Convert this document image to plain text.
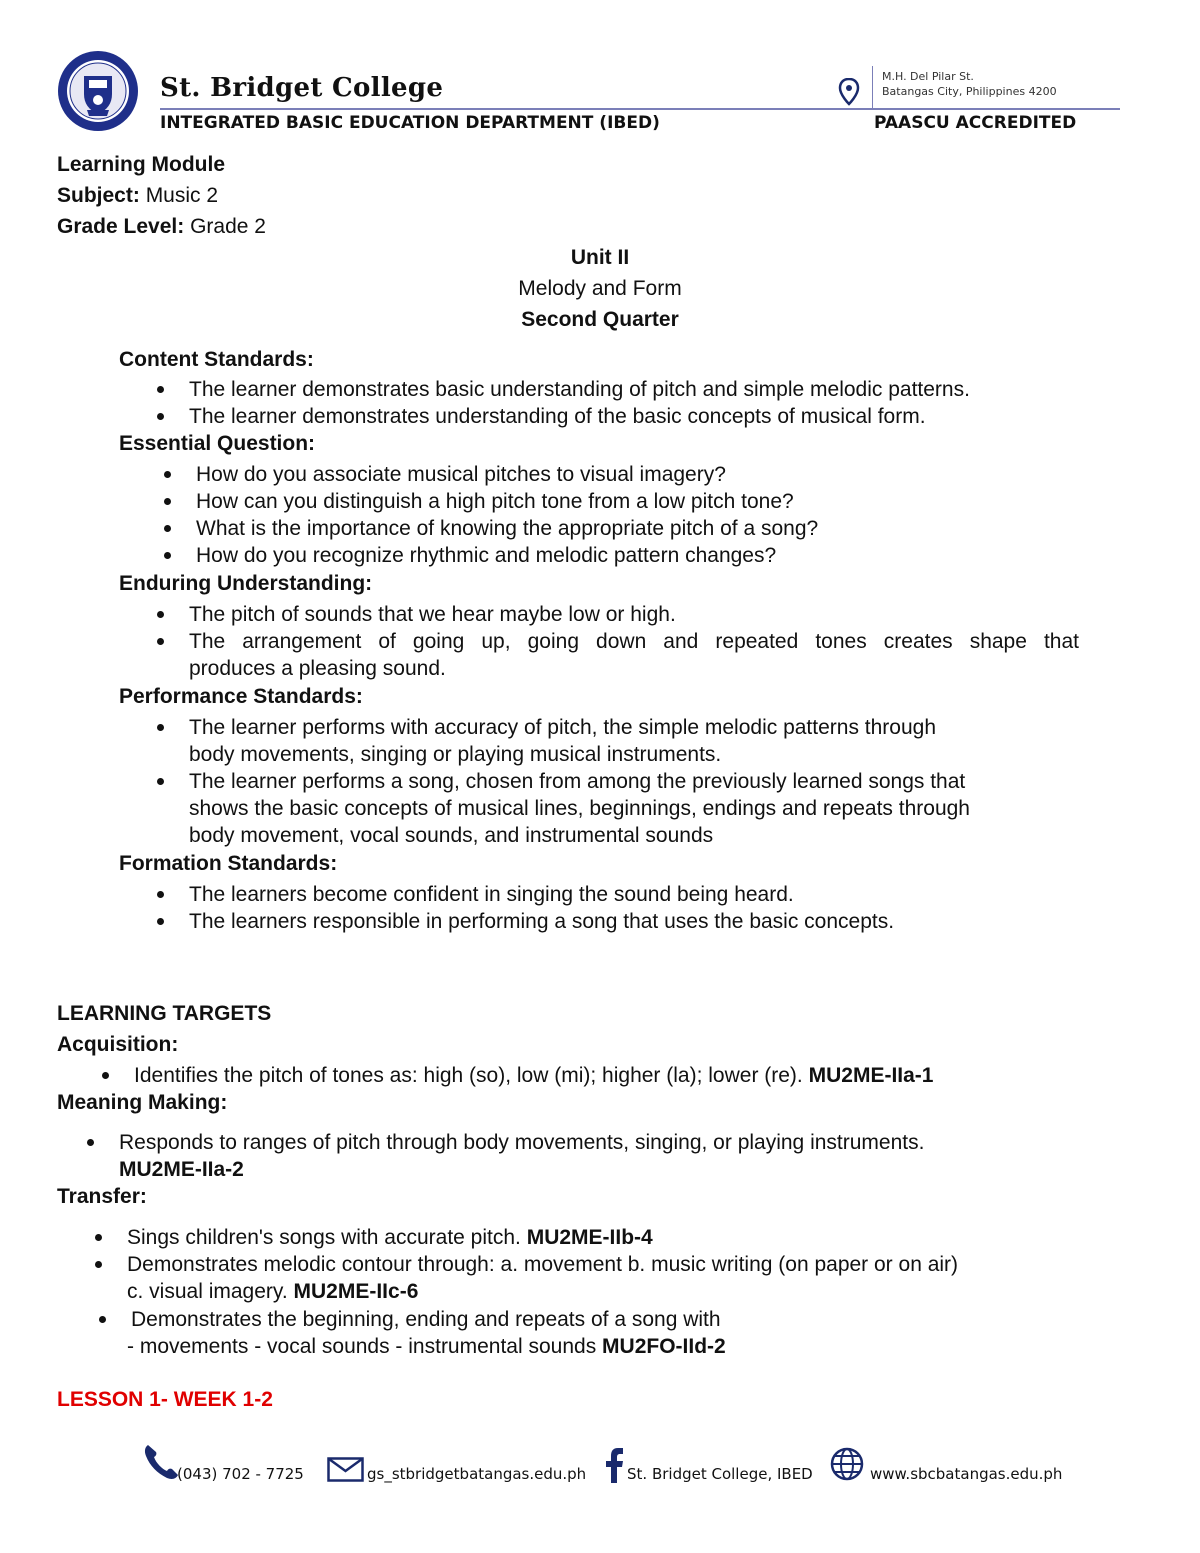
St. Bridget College
INTEGRATED BASIC EDUCATION DEPARTMENT (IBED)
M.H. Del Pilar St.
Batangas City, Philippines 4200
PAASCU ACCREDITED
Learning Module
Subject: Music 2
Grade Level: Grade 2
Unit II
Melody and Form
Second Quarter
Content Standards:
The learner demonstrates basic understanding of pitch and simple melodic patterns.
The learner demonstrates understanding of the basic concepts of musical form.
Essential Question:
How do you associate musical pitches to visual imagery?
How can you distinguish a high pitch tone from a low pitch tone?
What is the importance of knowing the appropriate pitch of a song?
How do you recognize rhythmic and melodic pattern changes?
Enduring Understanding:
The pitch of sounds that we hear maybe low or high.
The arrangement of going up, going down and repeated tones creates shape that
produces a pleasing sound.
Performance Standards:
The learner performs with accuracy of pitch, the simple melodic patterns through
body movements, singing or playing musical instruments.
The learner performs a song, chosen from among the previously learned songs that
shows the basic concepts of musical lines, beginnings, endings and repeats through
body movement, vocal sounds, and instrumental sounds
Formation Standards:
The learners become confident in singing the sound being heard.
The learners responsible in performing a song that uses the basic concepts.
LEARNING TARGETS
Acquisition:
Identifies the pitch of tones as: high (so), low (mi); higher (la); lower (re). MU2ME-IIa-1
Meaning Making:
Responds to ranges of pitch through body movements, singing, or playing instruments.
MU2ME-IIa-2
Transfer:
Sings children's songs with accurate pitch. MU2ME-IIb-4
Demonstrates melodic contour through: a. movement b. music writing (on paper or on air)
c. visual imagery. MU2ME-IIc-6
Demonstrates the beginning, ending and repeats of a song with
- movements - vocal sounds - instrumental sounds MU2FO-IId-2
LESSON 1- WEEK 1-2
(043) 702 - 7725	gs_stbridgetbatangas.edu.ph	St. Bridget College, IBED	www.sbcbatangas.edu.ph
